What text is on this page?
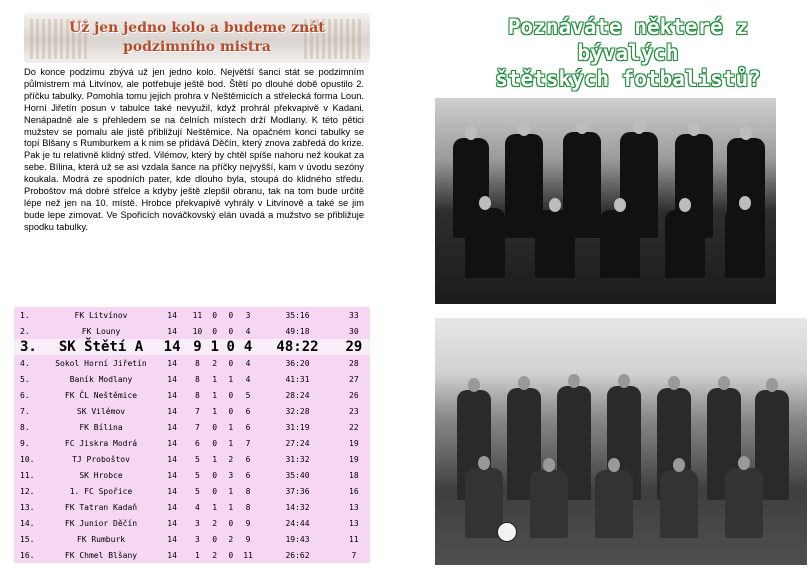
Už jen jedno kolo a budeme znát
podzimního mistra
Do konce podzimu zbývá už jen jedno kolo. Největší šanci stát se podzimním půlmistrem má Litvínov, ale potřebuje ještě bod. Štětí po dlouhé době opustilo 2. příčku tabulky. Pomohla tomu jejich prohra v Neštěmicích a střelecká forma Loun. Horní Jiřetín posun v tabulce také nevyužil, když prohrál překvapivě v Kadani. Nenápadně ale s přehledem se na čelních místech drží Modlany. K této pětici mužstev se pomalu ale jistě přibližují Neštěmice. Na opačném konci tabulky se topí Blšany s Rumburkem a k nim se přidává Děčín, který znova zabředá do krize. Pak je tu relativně klidný střed. Vilémov, který by chtěl spíše nahoru než koukat za sebe. Bílina, která už se asi vzdala šance na příčky nejvyšší, kam v úvodu sezóny koukala. Modrá ze spodních pater, kde dlouho byla, stoupá do klidného středu. Proboštov má dobré střelce a kdyby ještě zlepšil obranu, tak na tom bude určitě lépe než jen na 10. místě. Hrobce překvapivě vyhrály v Litvínově a také se jim bude lepe zimovat. Ve Spořicích nováčkovský elán uvadá a mužstvo se přibližuje spodku tabulky.
Poznáváte některé z
bývalých
štětských fotbalistů?
1.	FK Litvínov	14	11	0	0	3	35:16	33
2.	FK Louny	14	10	0	0	4	49:18	30
3.	SK Štětí A	14	9	1	0	4	48:22	29
4.	Sokol Horní Jiřetín	14	8	2	0	4	36:20	28
5.	Baník Modlany	14	8	1	1	4	41:31	27
6.	FK ČL Neštěmice	14	8	1	0	5	28:24	26
7.	SK Vilémov	14	7	1	0	6	32:28	23
8.	FK Bílina	14	7	0	1	6	31:19	22
9.	FC Jiskra Modrá	14	6	0	1	7	27:24	19
10.	TJ Proboštov	14	5	1	2	6	31:32	19
11.	SK Hrobce	14	5	0	3	6	35:40	18
12.	1. FC Spořice	14	5	0	1	8	37:36	16
13.	FK Tatran Kadaň	14	4	1	1	8	14:32	13
14.	FK Junior Děčín	14	3	2	0	9	24:44	13
15.	FK Rumburk	14	3	0	2	9	19:43	11
16.	FK Chmel Blšany	14	1	2	0	11	26:62	7
